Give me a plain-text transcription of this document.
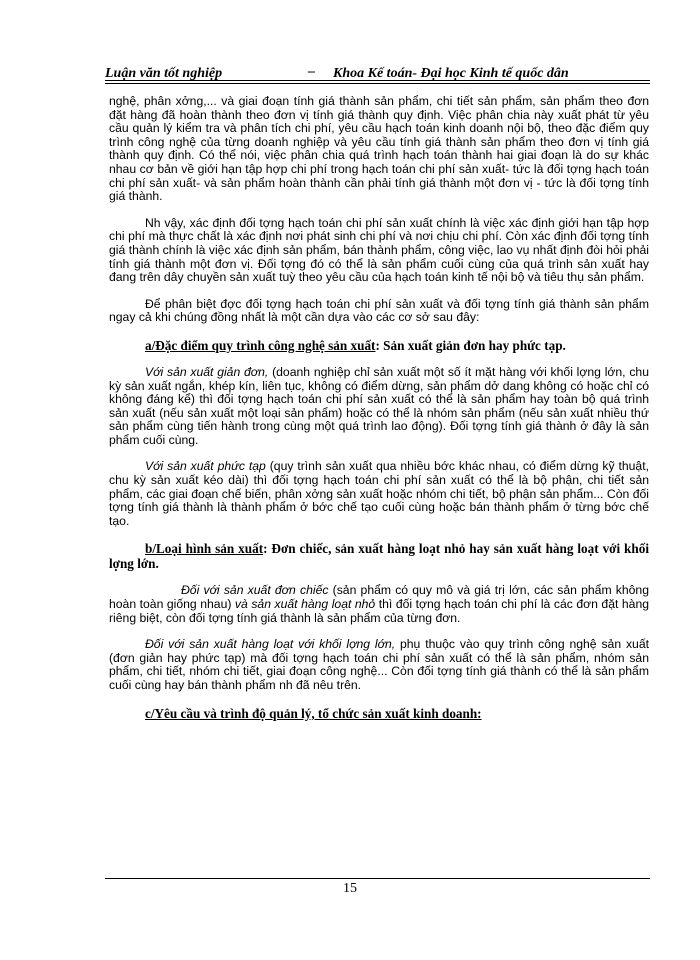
Luận văn tốt nghiệp	– Khoa Kế toán- Đại học Kinh tế quốc dân

nghệ, phân xởng,... và giai đoạn tính giá thành sản phẩm, chi tiết sản phẩm, sản phẩm theo đơn đặt hàng đã hoàn thành theo đơn vị tính giá thành quy định. Việc phân chia này xuất phát từ yêu cầu quản lý kiểm tra và phân tích chi phí, yêu cầu hạch toán kinh doanh nội bộ, theo đặc điểm quy trình công nghệ của từng doanh nghiệp và yêu cầu tính giá thành sản phẩm theo đơn vị tính giá thành quy định. Có thể nói, việc phân chia quá trình hạch toán thành hai giai đoạn là do sự khác nhau cơ bản về giới hạn tập hợp chi phí trong hạch toán chi phí sản xuất- tức là đối tợng hạch toán chi phí sản xuất- và sản phẩm hoàn thành cần phải tính giá thành một đơn vị - tức là đối tợng tính giá thành.

Nh vậy, xác định đối tợng hạch toán chi phí sản xuất chính là việc xác định giới hạn tập hợp chi phí mà thực chất là xác định nơi phát sinh chi phí và nơi chịu chi phí. Còn xác định đối tợng tính giá thành chính là việc xác định sản phẩm, bán thành phẩm, công việc, lao vụ nhất định đòi hỏi phải tính giá thành một đơn vị. Đối tợng đó có thể là sản phẩm cuối cùng của quá trình sản xuất hay đang trên dây chuyền sản xuất tuỳ theo yêu cầu của hạch toán kinh tế nội bộ và tiêu thụ sản phẩm.

Để phân biệt đợc đối tợng hạch toán chi phí sản xuất và đối tợng tính giá thành sản phẩm ngay cả khi chúng đồng nhất là một cần dựa vào các cơ sở sau đây:

a/Đặc điểm quy trình công nghệ sản xuất: Sản xuất giản đơn hay phức tạp.

Với sản xuất giản đơn, (doanh nghiệp chỉ sản xuất một số ít mặt hàng với khối lợng lớn, chu kỳ sản xuất ngắn, khép kín, liên tục, không có điểm dừng, sản phẩm dở dang không có hoặc chỉ có không đáng kể) thì đối tợng hạch toán chi phí sản xuất có thể là sản phẩm hay toàn bộ quá trình sản xuất (nếu sản xuất một loại sản phẩm) hoặc có thể là nhóm sản phẩm (nếu sản xuất nhiều thứ sản phẩm cùng tiến hành trong cùng một quá trình lao động). Đối tợng tính giá thành ở đây là sản phẩm cuối cùng.

Với sản xuất phức tạp (quy trình sản xuất qua nhiều bớc khác nhau, có điểm dừng kỹ thuật, chu kỳ sản xuất kéo dài) thì đối tợng hạch toán chi phí sản xuất có thể là bộ phận, chi tiết sản phẩm, các giai đoạn chế biến, phân xởng sản xuất hoặc nhóm chi tiết, bộ phận sản phẩm... Còn đối tợng tính giá thành là thành phẩm ở bớc chế tạo cuối cùng hoặc bán thành phẩm ở từng bớc chế tạo.

b/Loại hình sản xuất: Đơn chiếc, sản xuất hàng loạt nhỏ hay sản xuất hàng loạt với khối lợng lớn.

Đối với sản xuất đơn chiếc (sản phẩm có quy mô và giá trị lớn, các sản phẩm không hoàn toàn giống nhau) và sản xuất hàng loạt nhỏ thì đối tợng hạch toán chi phí là các đơn đặt hàng riêng biệt, còn đối tợng tính giá thành là sản phẩm của từng đơn.

Đối với sản xuất hàng loạt với khối lợng lớn, phụ thuộc vào quy trình công nghệ sản xuất (đơn giản hay phức tạp) mà đối tợng hạch toán chi phí sản xuất có thể là sản phẩm, nhóm sản phẩm, chi tiết, nhóm chi tiết, giai đoạn công nghệ... Còn đối tợng tính giá thành có thể là sản phẩm cuối cùng hay bán thành phẩm nh đã nêu trên.

c/Yêu cầu và trình độ quản lý, tổ chức sản xuất kinh doanh:

15
